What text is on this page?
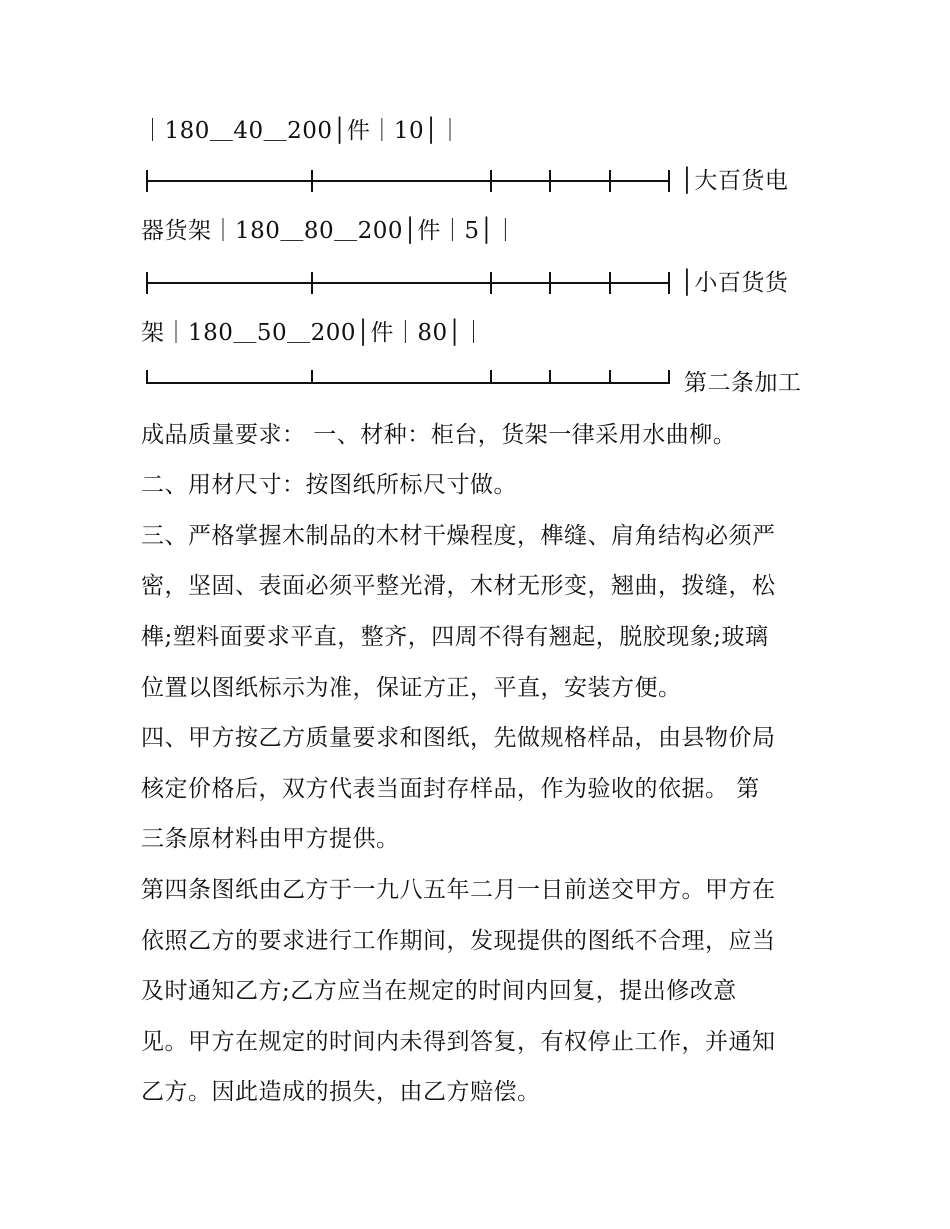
｜180＿40＿200│件｜10│｜
│大百货电
器货架｜180＿80＿200│件｜5│｜
│小百货货
架｜180＿50＿200│件｜80│｜
第二条加工
成品质量要求： 一、材种：柜台，货架一律采用水曲柳。
二、用材尺寸：按图纸所标尺寸做。
三、严格掌握木制品的木材干燥程度，榫缝、肩角结构必须严
密，坚固、表面必须平整光滑，木材无形变，翘曲，拨缝，松
榫;塑料面要求平直，整齐，四周不得有翘起，脱胶现象;玻璃
位置以图纸标示为准，保证方正，平直，安装方便。
四、甲方按乙方质量要求和图纸，先做规格样品，由县物价局
核定价格后，双方代表当面封存样品，作为验收的依据。 第
三条原材料由甲方提供。
第四条图纸由乙方于一九八五年二月一日前送交甲方。甲方在
依照乙方的要求进行工作期间，发现提供的图纸不合理，应当
及时通知乙方;乙方应当在规定的时间内回复，提出修改意
见。甲方在规定的时间内未得到答复，有权停止工作，并通知
乙方。因此造成的损失，由乙方赔偿。
